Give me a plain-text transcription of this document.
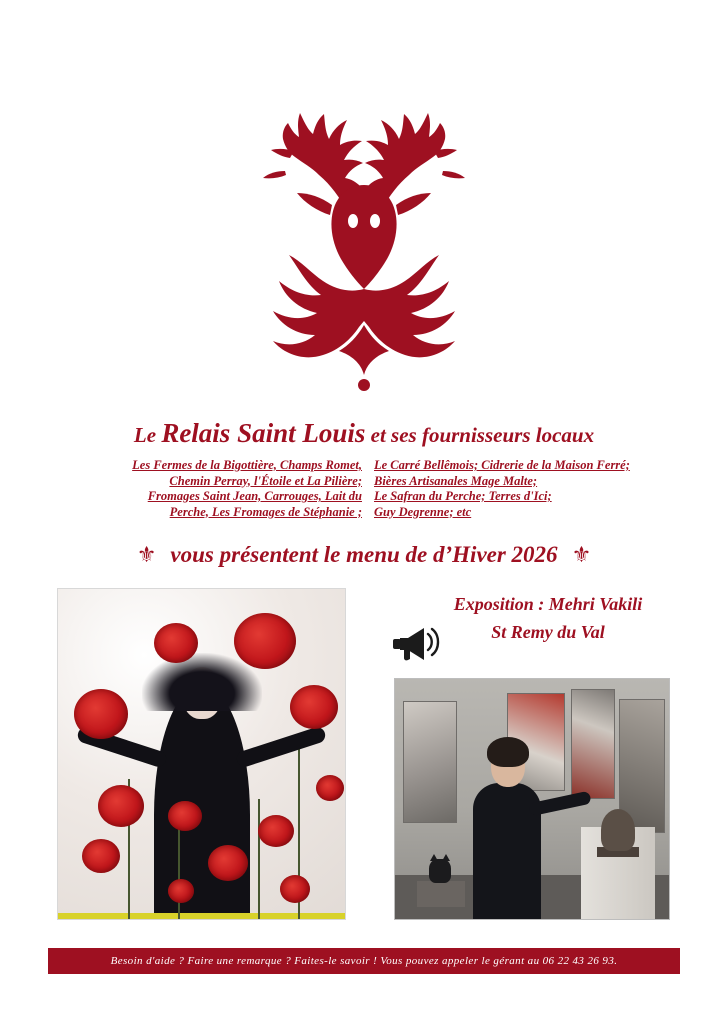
Le Relais Saint Louis et ses fournisseurs locaux
Les Fermes de la Bigottière, Champs Romet,
Chemin Perray, l'Étoile et La Pilière;
Fromages Saint Jean, Carrouges, Lait du
Perche, Les Fromages de Stéphanie ;
Le Carré Bellêmois; Cidrerie de la Maison Ferré;
Bières Artisanales Mage Malte;
Le Safran du Perche; Terres d'Ici;
Guy Degrenne; etc
⚜ vous présentent le menu de d’Hiver 2026 ⚜
Exposition : Mehri Vakili
St Remy du Val
Besoin d'aide ? Faire une remarque ? Faites-le savoir ! Vous pouvez appeler le gérant au 06 22 43 26 93.
